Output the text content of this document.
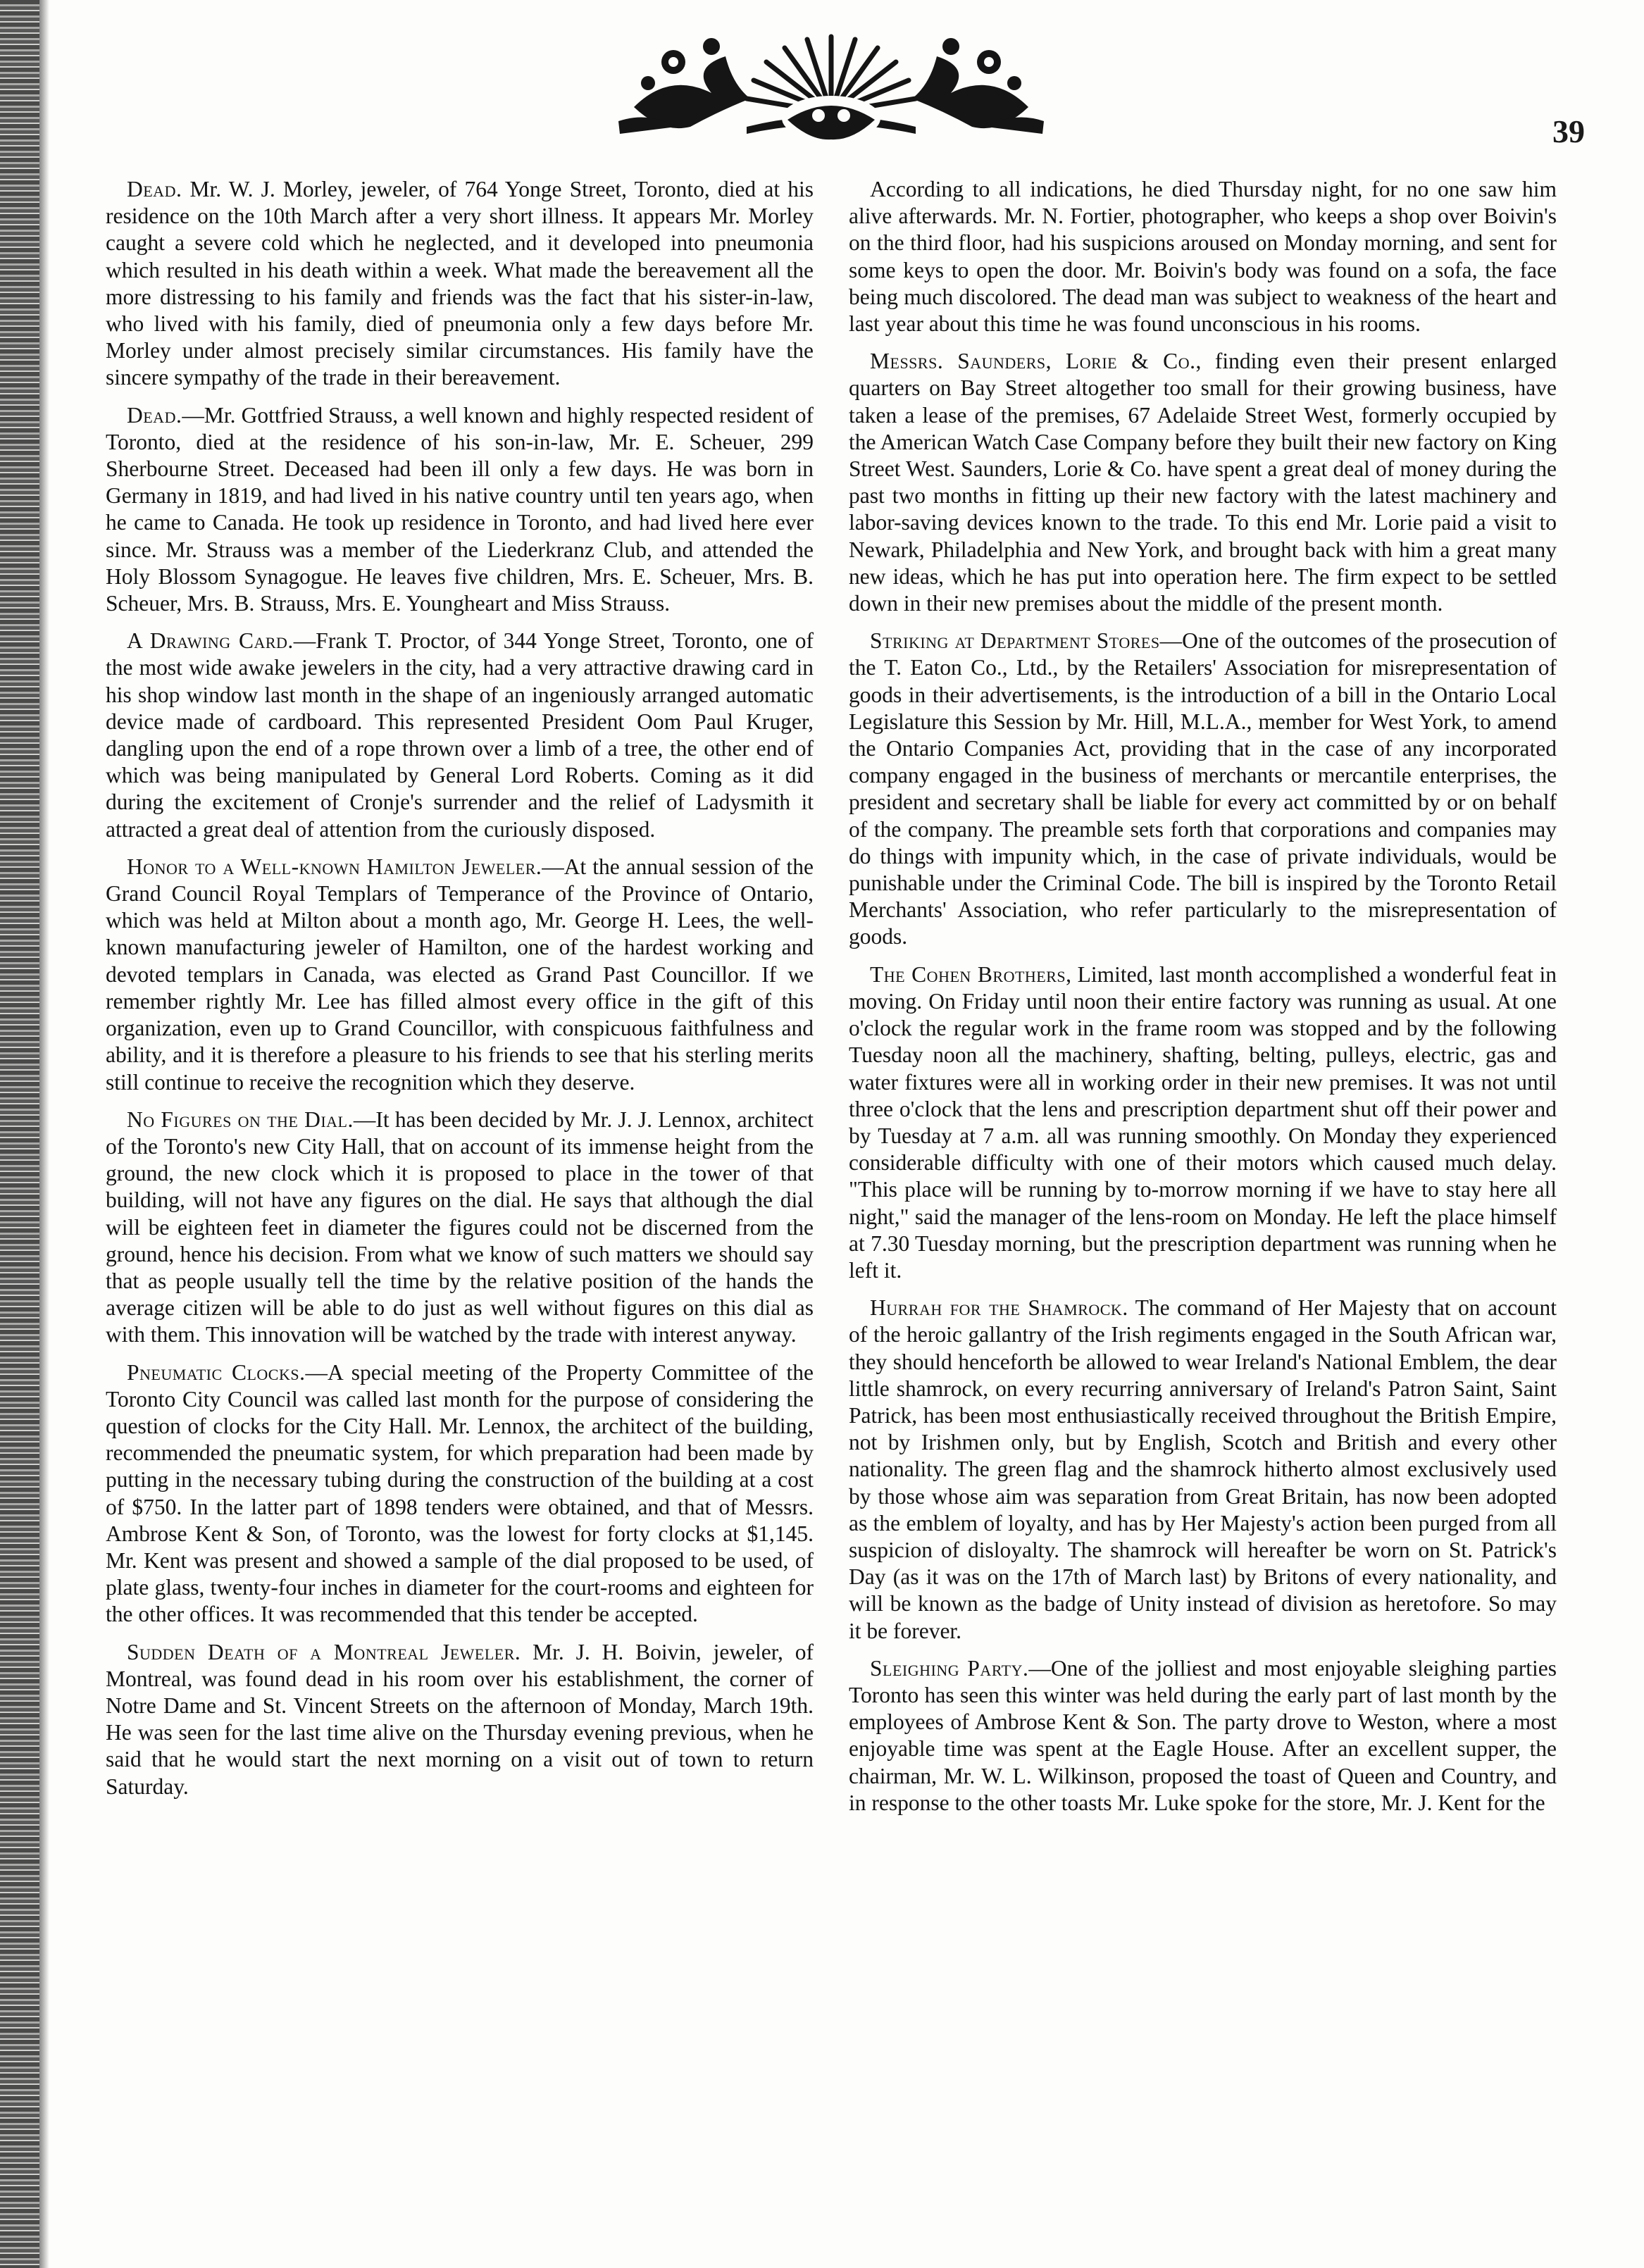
39

Dead. Mr. W. J. Morley, jeweler, of 764 Yonge Street, Toronto, died at his residence on the 10th March after a very short illness. It appears Mr. Morley caught a severe cold which he neglected, and it developed into pneumonia which resulted in his death within a week. What made the bereavement all the more distressing to his family and friends was the fact that his sister-in-law, who lived with his family, died of pneumonia only a few days before Mr. Morley under almost precisely similar circumstances. His family have the sincere sympathy of the trade in their bereavement.

Dead.—Mr. Gottfried Strauss, a well known and highly respected resident of Toronto, died at the residence of his son-in-law, Mr. E. Scheuer, 299 Sherbourne Street. Deceased had been ill only a few days. He was born in Germany in 1819, and had lived in his native country until ten years ago, when he came to Canada. He took up residence in Toronto, and had lived here ever since. Mr. Strauss was a member of the Liederkranz Club, and attended the Holy Blossom Synagogue. He leaves five children, Mrs. E. Scheuer, Mrs. B. Scheuer, Mrs. B. Strauss, Mrs. E. Youngheart and Miss Strauss.

A Drawing Card.—Frank T. Proctor, of 344 Yonge Street, Toronto, one of the most wide awake jewelers in the city, had a very attractive drawing card in his shop window last month in the shape of an ingeniously arranged automatic device made of cardboard. This represented President Oom Paul Kruger, dangling upon the end of a rope thrown over a limb of a tree, the other end of which was being manipulated by General Lord Roberts. Coming as it did during the excitement of Cronje's surrender and the relief of Ladysmith it attracted a great deal of attention from the curiously disposed.

Honor to a Well-known Hamilton Jeweler.—At the annual session of the Grand Council Royal Templars of Temperance of the Province of Ontario, which was held at Milton about a month ago, Mr. George H. Lees, the well-known manufacturing jeweler of Hamilton, one of the hardest working and devoted templars in Canada, was elected as Grand Past Councillor. If we remember rightly Mr. Lee has filled almost every office in the gift of this organization, even up to Grand Councillor, with conspicuous faithfulness and ability, and it is therefore a pleasure to his friends to see that his sterling merits still continue to receive the recognition which they deserve.

No Figures on the Dial.—It has been decided by Mr. J. J. Lennox, architect of the Toronto's new City Hall, that on account of its immense height from the ground, the new clock which it is proposed to place in the tower of that building, will not have any figures on the dial. He says that although the dial will be eighteen feet in diameter the figures could not be discerned from the ground, hence his decision. From what we know of such matters we should say that as people usually tell the time by the relative position of the hands the average citizen will be able to do just as well without figures on this dial as with them. This innovation will be watched by the trade with interest anyway.

Pneumatic Clocks.—A special meeting of the Property Committee of the Toronto City Council was called last month for the purpose of considering the question of clocks for the City Hall. Mr. Lennox, the architect of the building, recommended the pneumatic system, for which preparation had been made by putting in the necessary tubing during the construction of the building at a cost of $750. In the latter part of 1898 tenders were obtained, and that of Messrs. Ambrose Kent & Son, of Toronto, was the lowest for forty clocks at $1,145. Mr. Kent was present and showed a sample of the dial proposed to be used, of plate glass, twenty-four inches in diameter for the court-rooms and eighteen for the other offices. It was recommended that this tender be accepted.

Sudden Death of a Montreal Jeweler. Mr. J. H. Boivin, jeweler, of Montreal, was found dead in his room over his establishment, the corner of Notre Dame and St. Vincent Streets on the afternoon of Monday, March 19th. He was seen for the last time alive on the Thursday evening previous, when he said that he would start the next morning on a visit out of town to return Saturday.

According to all indications, he died Thursday night, for no one saw him alive afterwards. Mr. N. Fortier, photographer, who keeps a shop over Boivin's on the third floor, had his suspicions aroused on Monday morning, and sent for some keys to open the door. Mr. Boivin's body was found on a sofa, the face being much discolored. The dead man was subject to weakness of the heart and last year about this time he was found unconscious in his rooms.

Messrs. Saunders, Lorie & Co., finding even their present enlarged quarters on Bay Street altogether too small for their growing business, have taken a lease of the premises, 67 Adelaide Street West, formerly occupied by the American Watch Case Company before they built their new factory on King Street West. Saunders, Lorie & Co. have spent a great deal of money during the past two months in fitting up their new factory with the latest machinery and labor-saving devices known to the trade. To this end Mr. Lorie paid a visit to Newark, Philadelphia and New York, and brought back with him a great many new ideas, which he has put into operation here. The firm expect to be settled down in their new premises about the middle of the present month.

Striking at Department Stores—One of the outcomes of the prosecution of the T. Eaton Co., Ltd., by the Retailers' Association for misrepresentation of goods in their advertisements, is the introduction of a bill in the Ontario Local Legislature this Session by Mr. Hill, M.L.A., member for West York, to amend the Ontario Companies Act, providing that in the case of any incorporated company engaged in the business of merchants or mercantile enterprises, the president and secretary shall be liable for every act committed by or on behalf of the company. The preamble sets forth that corporations and companies may do things with impunity which, in the case of private individuals, would be punishable under the Criminal Code. The bill is inspired by the Toronto Retail Merchants' Association, who refer particularly to the misrepresentation of goods.

The Cohen Brothers, Limited, last month accomplished a wonderful feat in moving. On Friday until noon their entire factory was running as usual. At one o'clock the regular work in the frame room was stopped and by the following Tuesday noon all the machinery, shafting, belting, pulleys, electric, gas and water fixtures were all in working order in their new premises. It was not until three o'clock that the lens and prescription department shut off their power and by Tuesday at 7 a.m. all was running smoothly. On Monday they experienced considerable difficulty with one of their motors which caused much delay. "This place will be running by to-morrow morning if we have to stay here all night," said the manager of the lens-room on Monday. He left the place himself at 7.30 Tuesday morning, but the prescription department was running when he left it.

Hurrah for the Shamrock. The command of Her Majesty that on account of the heroic gallantry of the Irish regiments engaged in the South African war, they should henceforth be allowed to wear Ireland's National Emblem, the dear little shamrock, on every recurring anniversary of Ireland's Patron Saint, Saint Patrick, has been most enthusiastically received throughout the British Empire, not by Irishmen only, but by English, Scotch and British and every other nationality. The green flag and the shamrock hitherto almost exclusively used by those whose aim was separation from Great Britain, has now been adopted as the emblem of loyalty, and has by Her Majesty's action been purged from all suspicion of disloyalty. The shamrock will hereafter be worn on St. Patrick's Day (as it was on the 17th of March last) by Britons of every nationality, and will be known as the badge of Unity instead of division as heretofore. So may it be forever.

Sleighing Party.—One of the jolliest and most enjoyable sleighing parties Toronto has seen this winter was held during the early part of last month by the employees of Ambrose Kent & Son. The party drove to Weston, where a most enjoyable time was spent at the Eagle House. After an excellent supper, the chairman, Mr. W. L. Wilkinson, proposed the toast of Queen and Country, and in response to the other toasts Mr. Luke spoke for the store, Mr. J. Kent for the
